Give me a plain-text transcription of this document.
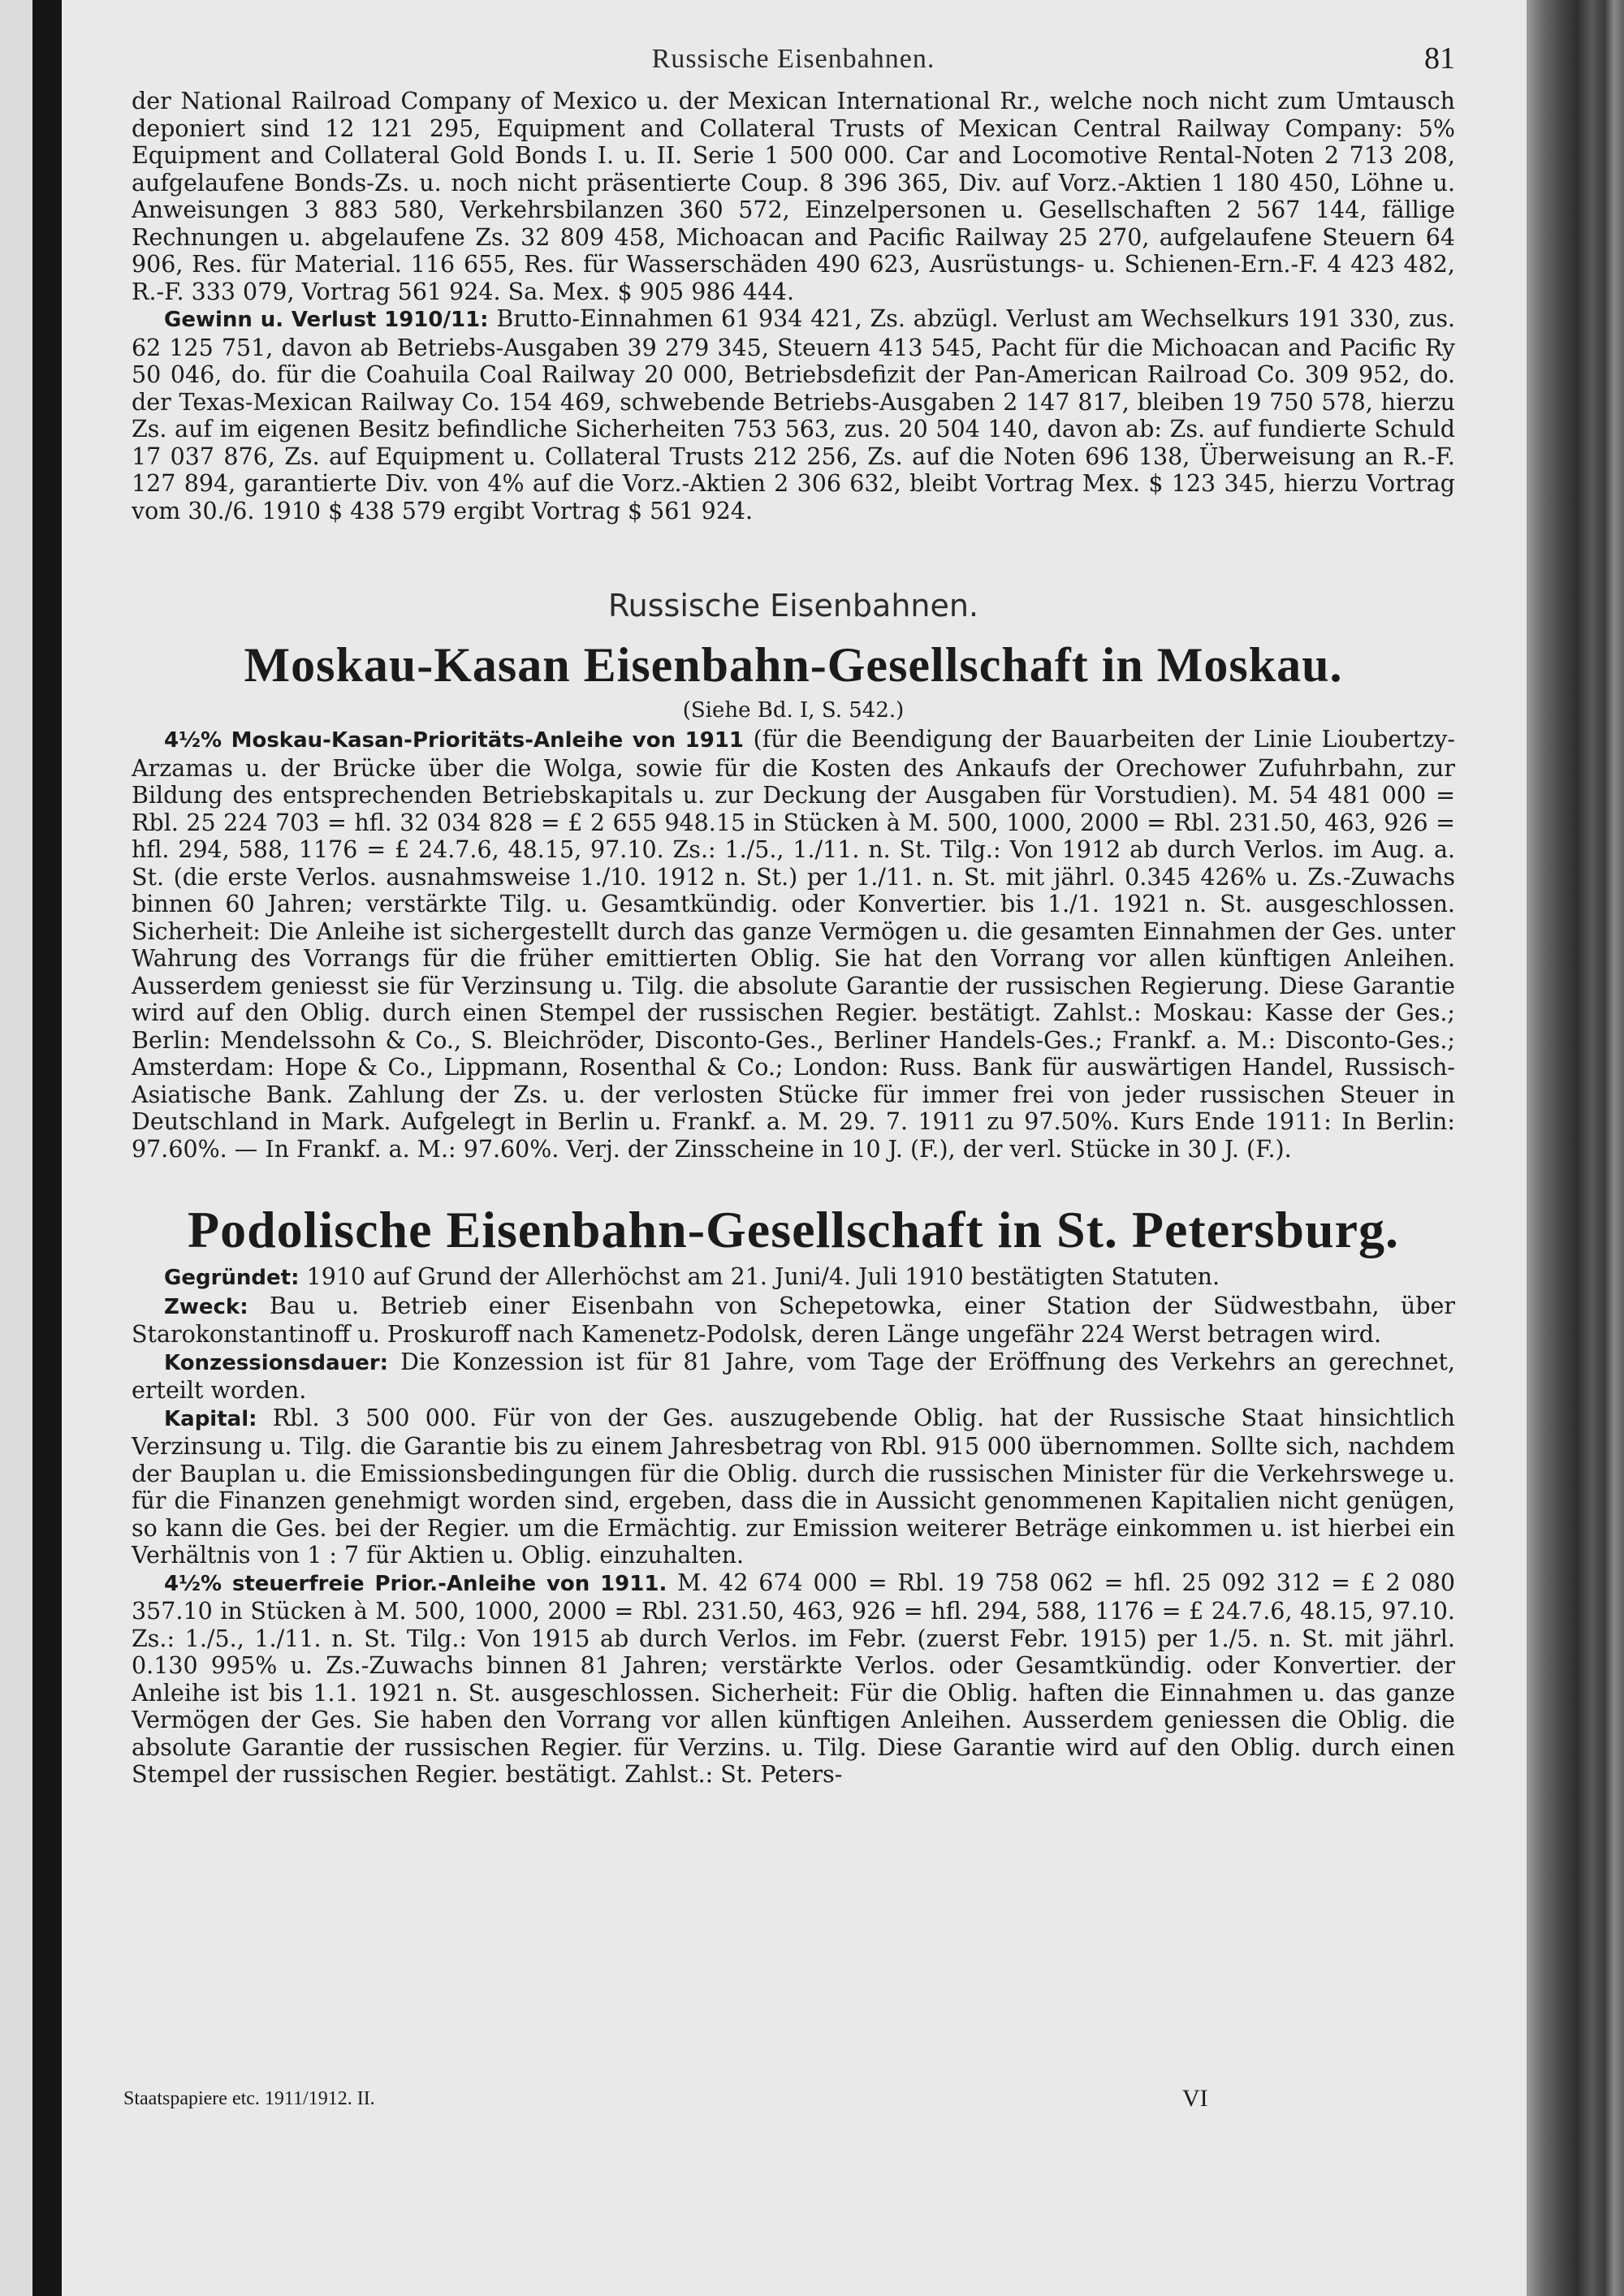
Russische Eisenbahnen.	81

der National Railroad Company of Mexico u. der Mexican International Rr., welche noch nicht zum Umtausch deponiert sind 12 121 295, Equipment and Collateral Trusts of Mexican Central Railway Company: 5% Equipment and Collateral Gold Bonds I. u. II. Serie 1 500 000. Car and Locomotive Rental-Noten 2 713 208, aufgelaufene Bonds-Zs. u. noch nicht präsentierte Coup. 8 396 365, Div. auf Vorz.-Aktien 1 180 450, Löhne u. Anweisungen 3 883 580, Verkehrsbilanzen 360 572, Einzelpersonen u. Gesellschaften 2 567 144, fällige Rechnungen u. abgelaufene Zs. 32 809 458, Michoacan and Pacific Railway 25 270, aufgelaufene Steuern 64 906, Res. für Material. 116 655, Res. für Wasserschäden 490 623, Ausrüstungs- u. Schienen-Ern.-F. 4 423 482, R.-F. 333 079, Vortrag 561 924. Sa. Mex. $ 905 986 444.

Gewinn u. Verlust 1910/11: Brutto-Einnahmen 61 934 421, Zs. abzügl. Verlust am Wechselkurs 191 330, zus. 62 125 751, davon ab Betriebs-Ausgaben 39 279 345, Steuern 413 545, Pacht für die Michoacan and Pacific Ry 50 046, do. für die Coahuila Coal Railway 20 000, Betriebsdefizit der Pan-American Railroad Co. 309 952, do. der Texas-Mexican Railway Co. 154 469, schwebende Betriebs-Ausgaben 2 147 817, bleiben 19 750 578, hierzu Zs. auf im eigenen Besitz befindliche Sicherheiten 753 563, zus. 20 504 140, davon ab: Zs. auf fundierte Schuld 17 037 876, Zs. auf Equipment u. Collateral Trusts 212 256, Zs. auf die Noten 696 138, Überweisung an R.-F. 127 894, garantierte Div. von 4% auf die Vorz.-Aktien 2 306 632, bleibt Vortrag Mex. $ 123 345, hierzu Vortrag vom 30./6. 1910 $ 438 579 ergibt Vortrag $ 561 924.

Russische Eisenbahnen.
Moskau-Kasan Eisenbahn-Gesellschaft in Moskau.
(Siehe Bd. I, S. 542.)

4½% Moskau-Kasan-Prioritäts-Anleihe von 1911 (für die Beendigung der Bauarbeiten der Linie Lioubertzy-Arzamas u. der Brücke über die Wolga, sowie für die Kosten des Ankaufs der Orechower Zufuhrbahn, zur Bildung des entsprechenden Betriebskapitals u. zur Deckung der Ausgaben für Vorstudien). M. 54 481 000 = Rbl. 25 224 703 = hfl. 32 034 828 = £ 2 655 948.15 in Stücken à M. 500, 1000, 2000 = Rbl. 231.50, 463, 926 = hfl. 294, 588, 1176 = £ 24.7.6, 48.15, 97.10. Zs.: 1./5., 1./11. n. St. Tilg.: Von 1912 ab durch Verlos. im Aug. a. St. (die erste Verlos. ausnahmsweise 1./10. 1912 n. St.) per 1./11. n. St. mit jährl. 0.345 426% u. Zs.-Zuwachs binnen 60 Jahren; verstärkte Tilg. u. Gesamtkündig. oder Konvertier. bis 1./1. 1921 n. St. ausgeschlossen. Sicherheit: Die Anleihe ist sichergestellt durch das ganze Vermögen u. die gesamten Einnahmen der Ges. unter Wahrung des Vorrangs für die früher emittierten Oblig. Sie hat den Vorrang vor allen künftigen Anleihen. Ausserdem geniesst sie für Verzinsung u. Tilg. die absolute Garantie der russischen Regierung. Diese Garantie wird auf den Oblig. durch einen Stempel der russischen Regier. bestätigt. Zahlst.: Moskau: Kasse der Ges.; Berlin: Mendelssohn & Co., S. Bleichröder, Disconto-Ges., Berliner Handels-Ges.; Frankf. a. M.: Disconto-Ges.; Amsterdam: Hope & Co., Lippmann, Rosenthal & Co.; London: Russ. Bank für auswärtigen Handel, Russisch-Asiatische Bank. Zahlung der Zs. u. der verlosten Stücke für immer frei von jeder russischen Steuer in Deutschland in Mark. Aufgelegt in Berlin u. Frankf. a. M. 29. 7. 1911 zu 97.50%. Kurs Ende 1911: In Berlin: 97.60%. — In Frankf. a. M.: 97.60%. Verj. der Zinsscheine in 10 J. (F.), der verl. Stücke in 30 J. (F.).

Podolische Eisenbahn-Gesellschaft in St. Petersburg.

Gegründet: 1910 auf Grund der Allerhöchst am 21. Juni/4. Juli 1910 bestätigten Statuten.

Zweck: Bau u. Betrieb einer Eisenbahn von Schepetowka, einer Station der Südwestbahn, über Starokonstantinoff u. Proskuroff nach Kamenetz-Podolsk, deren Länge ungefähr 224 Werst betragen wird.

Konzessionsdauer: Die Konzession ist für 81 Jahre, vom Tage der Eröffnung des Verkehrs an gerechnet, erteilt worden.

Kapital: Rbl. 3 500 000. Für von der Ges. auszugebende Oblig. hat der Russische Staat hinsichtlich Verzinsung u. Tilg. die Garantie bis zu einem Jahresbetrag von Rbl. 915 000 übernommen. Sollte sich, nachdem der Bauplan u. die Emissionsbedingungen für die Oblig. durch die russischen Minister für die Verkehrswege u. für die Finanzen genehmigt worden sind, ergeben, dass die in Aussicht genommenen Kapitalien nicht genügen, so kann die Ges. bei der Regier. um die Ermächtig. zur Emission weiterer Beträge einkommen u. ist hierbei ein Verhältnis von 1 : 7 für Aktien u. Oblig. einzuhalten.

4½% steuerfreie Prior.-Anleihe von 1911. M. 42 674 000 = Rbl. 19 758 062 = hfl. 25 092 312 = £ 2 080 357.10 in Stücken à M. 500, 1000, 2000 = Rbl. 231.50, 463, 926 = hfl. 294, 588, 1176 = £ 24.7.6, 48.15, 97.10. Zs.: 1./5., 1./11. n. St. Tilg.: Von 1915 ab durch Verlos. im Febr. (zuerst Febr. 1915) per 1./5. n. St. mit jährl. 0.130 995% u. Zs.-Zuwachs binnen 81 Jahren; verstärkte Verlos. oder Gesamtkündig. oder Konvertier. der Anleihe ist bis 1.1. 1921 n. St. ausgeschlossen. Sicherheit: Für die Oblig. haften die Einnahmen u. das ganze Vermögen der Ges. Sie haben den Vorrang vor allen künftigen Anleihen. Ausserdem geniessen die Oblig. die absolute Garantie der russischen Regier. für Verzins. u. Tilg. Diese Garantie wird auf den Oblig. durch einen Stempel der russischen Regier. bestätigt. Zahlst.: St. Peters-

Staatspapiere etc. 1911/1912. II.	VI
